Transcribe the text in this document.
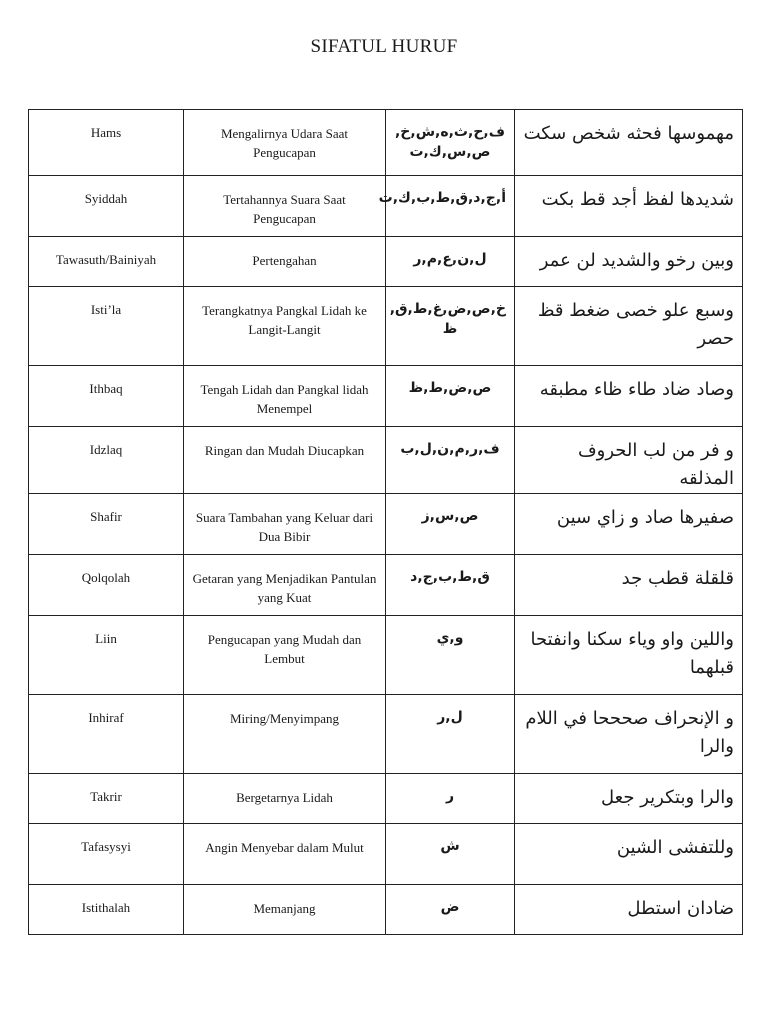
SIFATUL HURUF
Hams	Mengalirnya Udara Saat Pengucapan	ف,ح,ث,ه,ش,خ, ص,س,ك,ت	مهموسها فحثه شخص سكت

Syiddah	Tertahannya Suara Saat Pengucapan	أ,ج,د,ق,ط,ب,ك,ت	شديدها لفظ أجد قط بكت

Tawasuth/Bainiyah	Pertengahan	ل,ن,ع,م,ر	وبين رخو والشديد لن عمر

Isti’la	Terangkatnya Pangkal Lidah ke Langit-Langit	خ,ص,ض,غ,ط,ق, ظ	وسبع علو خصى ضغط قظ حصر

Ithbaq	Tengah Lidah dan Pangkal lidah Menempel	ص,ض,ط,ظ	وصاد ضاد طاء ظاء مطبقه

Idzlaq	Ringan dan Mudah Diucapkan	ف,ر,م,ن,ل,ب	و فر من لب الحروف المذلقه

Shafir	Suara Tambahan yang Keluar dari Dua Bibir	ص,س,ز	صفيرها صاد و زاي سين

Qolqolah	Getaran yang Menjadikan Pantulan yang Kuat	ق,ط,ب,ج,د	قلقلة قطب جد

Liin	Pengucapan yang Mudah dan Lembut	و,ي	واللين واو وياء سكنا وانفتحا قبلهما

Inhiraf	Miring/Menyimpang	ل,ر	و الإنحراف صحححا في اللام والرا

Takrir	Bergetarnya Lidah	ر	والرا وبتكرير جعل

Tafasysyi	Angin Menyebar dalam Mulut	ش	وللتفشى الشين

Istithalah	Memanjang	ض	ضادان استطل
